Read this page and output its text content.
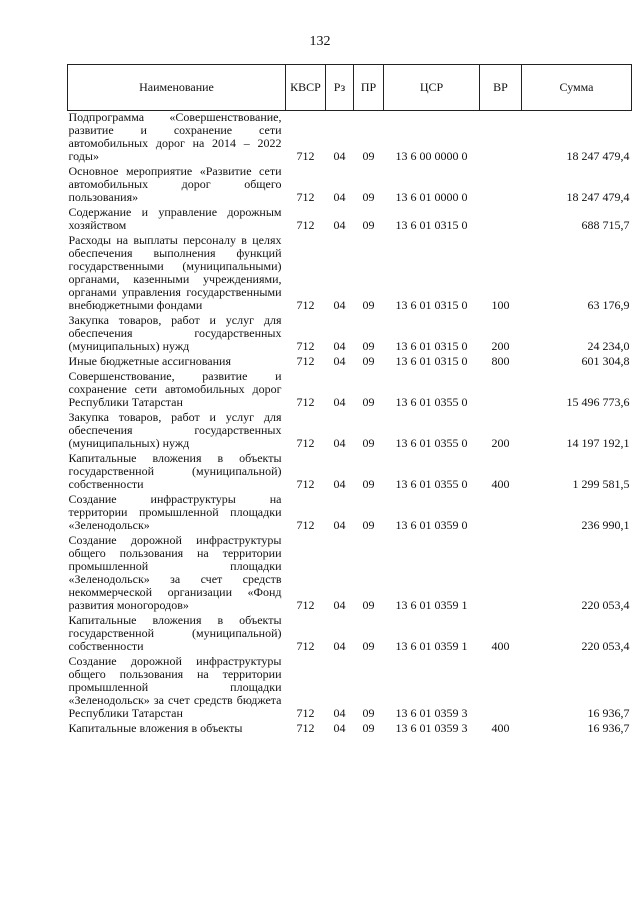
132
Наименование	КВСР	Рз	ПР	ЦСР	ВР	Сумма
Подпрограмма «Совершенствование, развитие и сохранение сети автомобильных дорог на 2014 – 2022 годы»	712	04	09	13 6 00 0000 0		18 247 479,4
Основное мероприятие «Развитие сети автомобильных дорог общего пользования»	712	04	09	13 6 01 0000 0		18 247 479,4
Содержание и управление дорожным хозяйством	712	04	09	13 6 01 0315 0		688 715,7
Расходы на выплаты персоналу в целях обеспечения выполнения функций государственными (муниципальными) органами, казенными учреждениями, органами управления государственными внебюджетными фондами	712	04	09	13 6 01 0315 0	100	63 176,9
Закупка товаров, работ и услуг для обеспечения государственных (муниципальных) нужд	712	04	09	13 6 01 0315 0	200	24 234,0
Иные бюджетные ассигнования	712	04	09	13 6 01 0315 0	800	601 304,8
Совершенствование, развитие и сохранение сети автомобильных дорог Республики Татарстан	712	04	09	13 6 01 0355 0		15 496 773,6
Закупка товаров, работ и услуг для обеспечения государственных (муниципальных) нужд	712	04	09	13 6 01 0355 0	200	14 197 192,1
Капитальные вложения в объекты государственной (муниципальной) собственности	712	04	09	13 6 01 0355 0	400	1 299 581,5
Создание инфраструктуры на территории промышленной площадки «Зеленодольск»	712	04	09	13 6 01 0359 0		236 990,1
Создание дорожной инфраструктуры общего пользования на территории промышленной площадки «Зеленодольск» за счет средств некоммерческой организации «Фонд развития моногородов»	712	04	09	13 6 01 0359 1		220 053,4
Капитальные вложения в объекты государственной (муниципальной) собственности	712	04	09	13 6 01 0359 1	400	220 053,4
Создание дорожной инфраструктуры общего пользования на территории промышленной площадки «Зеленодольск» за счет средств бюджета Республики Татарстан	712	04	09	13 6 01 0359 3		16 936,7
Капитальные вложения в объекты	712	04	09	13 6 01 0359 3	400	16 936,7
